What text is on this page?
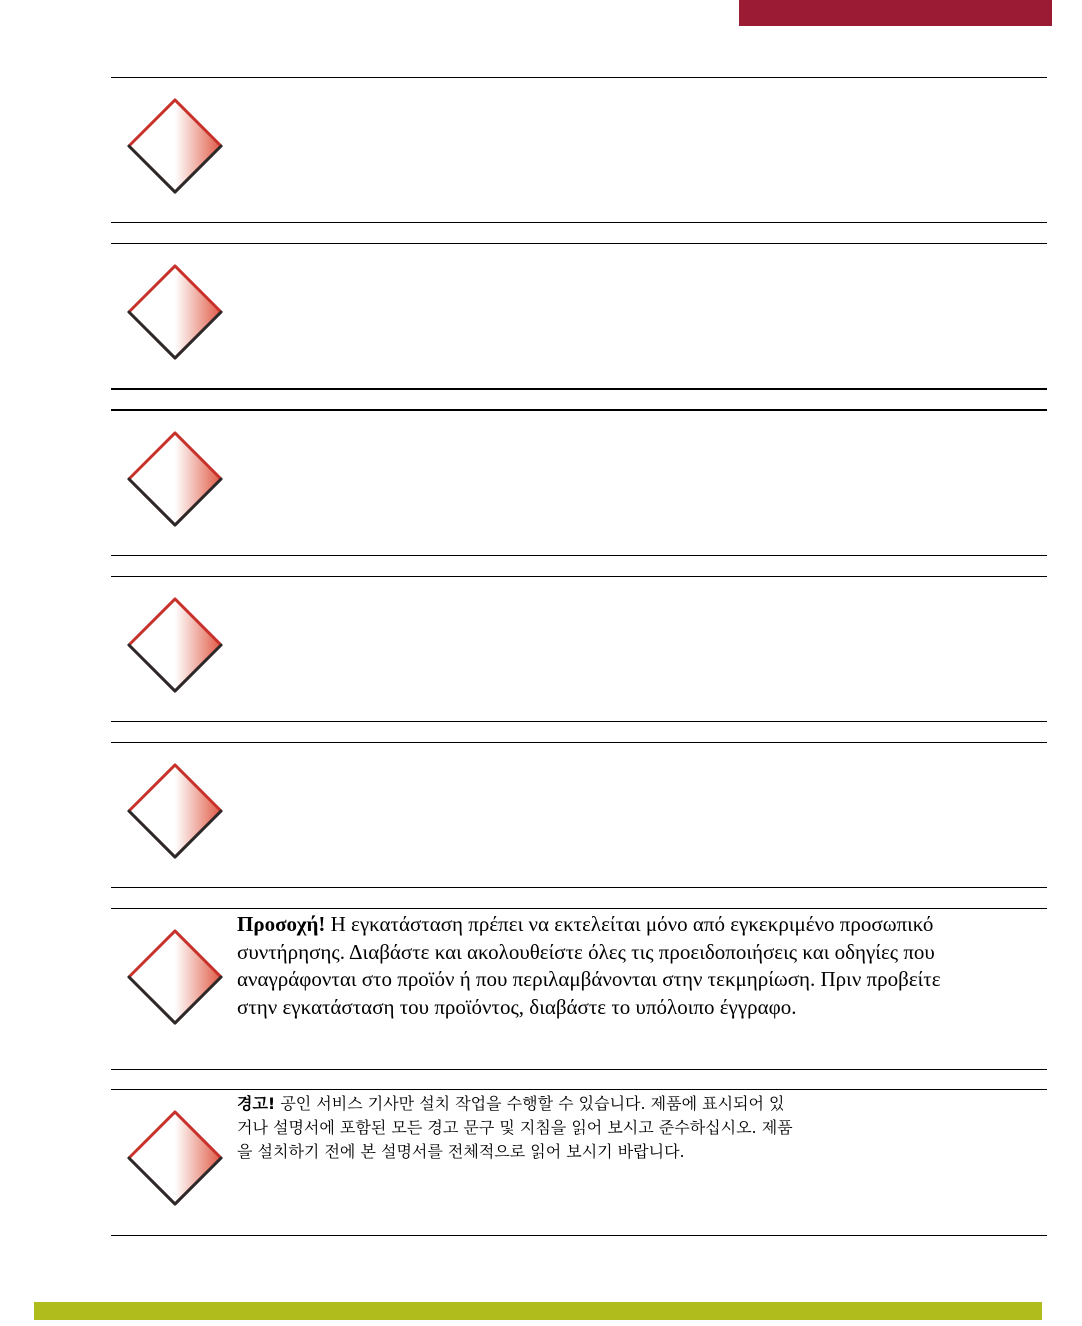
Προσοχή! Η εγκατάσταση πρέπει να εκτελείται μόνο από εγκεκριμένο προσωπικό συντήρησης. Διαβάστε και ακολουθείστε όλες τις προειδοποιήσεις και οδηγίες που αναγράφονται στο προϊόν ή που περιλαμβάνονται στην τεκμηρίωση. Πριν προβείτε στην εγκατάσταση του προϊόντος, διαβάστε το υπόλοιπο έγγραφο.
경고! 공인 서비스 기사만 설치 작업을 수행할 수 있습니다. 제품에 표시되어 있거나 설명서에 포함된 모든 경고 문구 및 지침을 읽어 보시고 준수하십시오. 제품을 설치하기 전에 본 설명서를 전체적으로 읽어 보시기 바랍니다.
